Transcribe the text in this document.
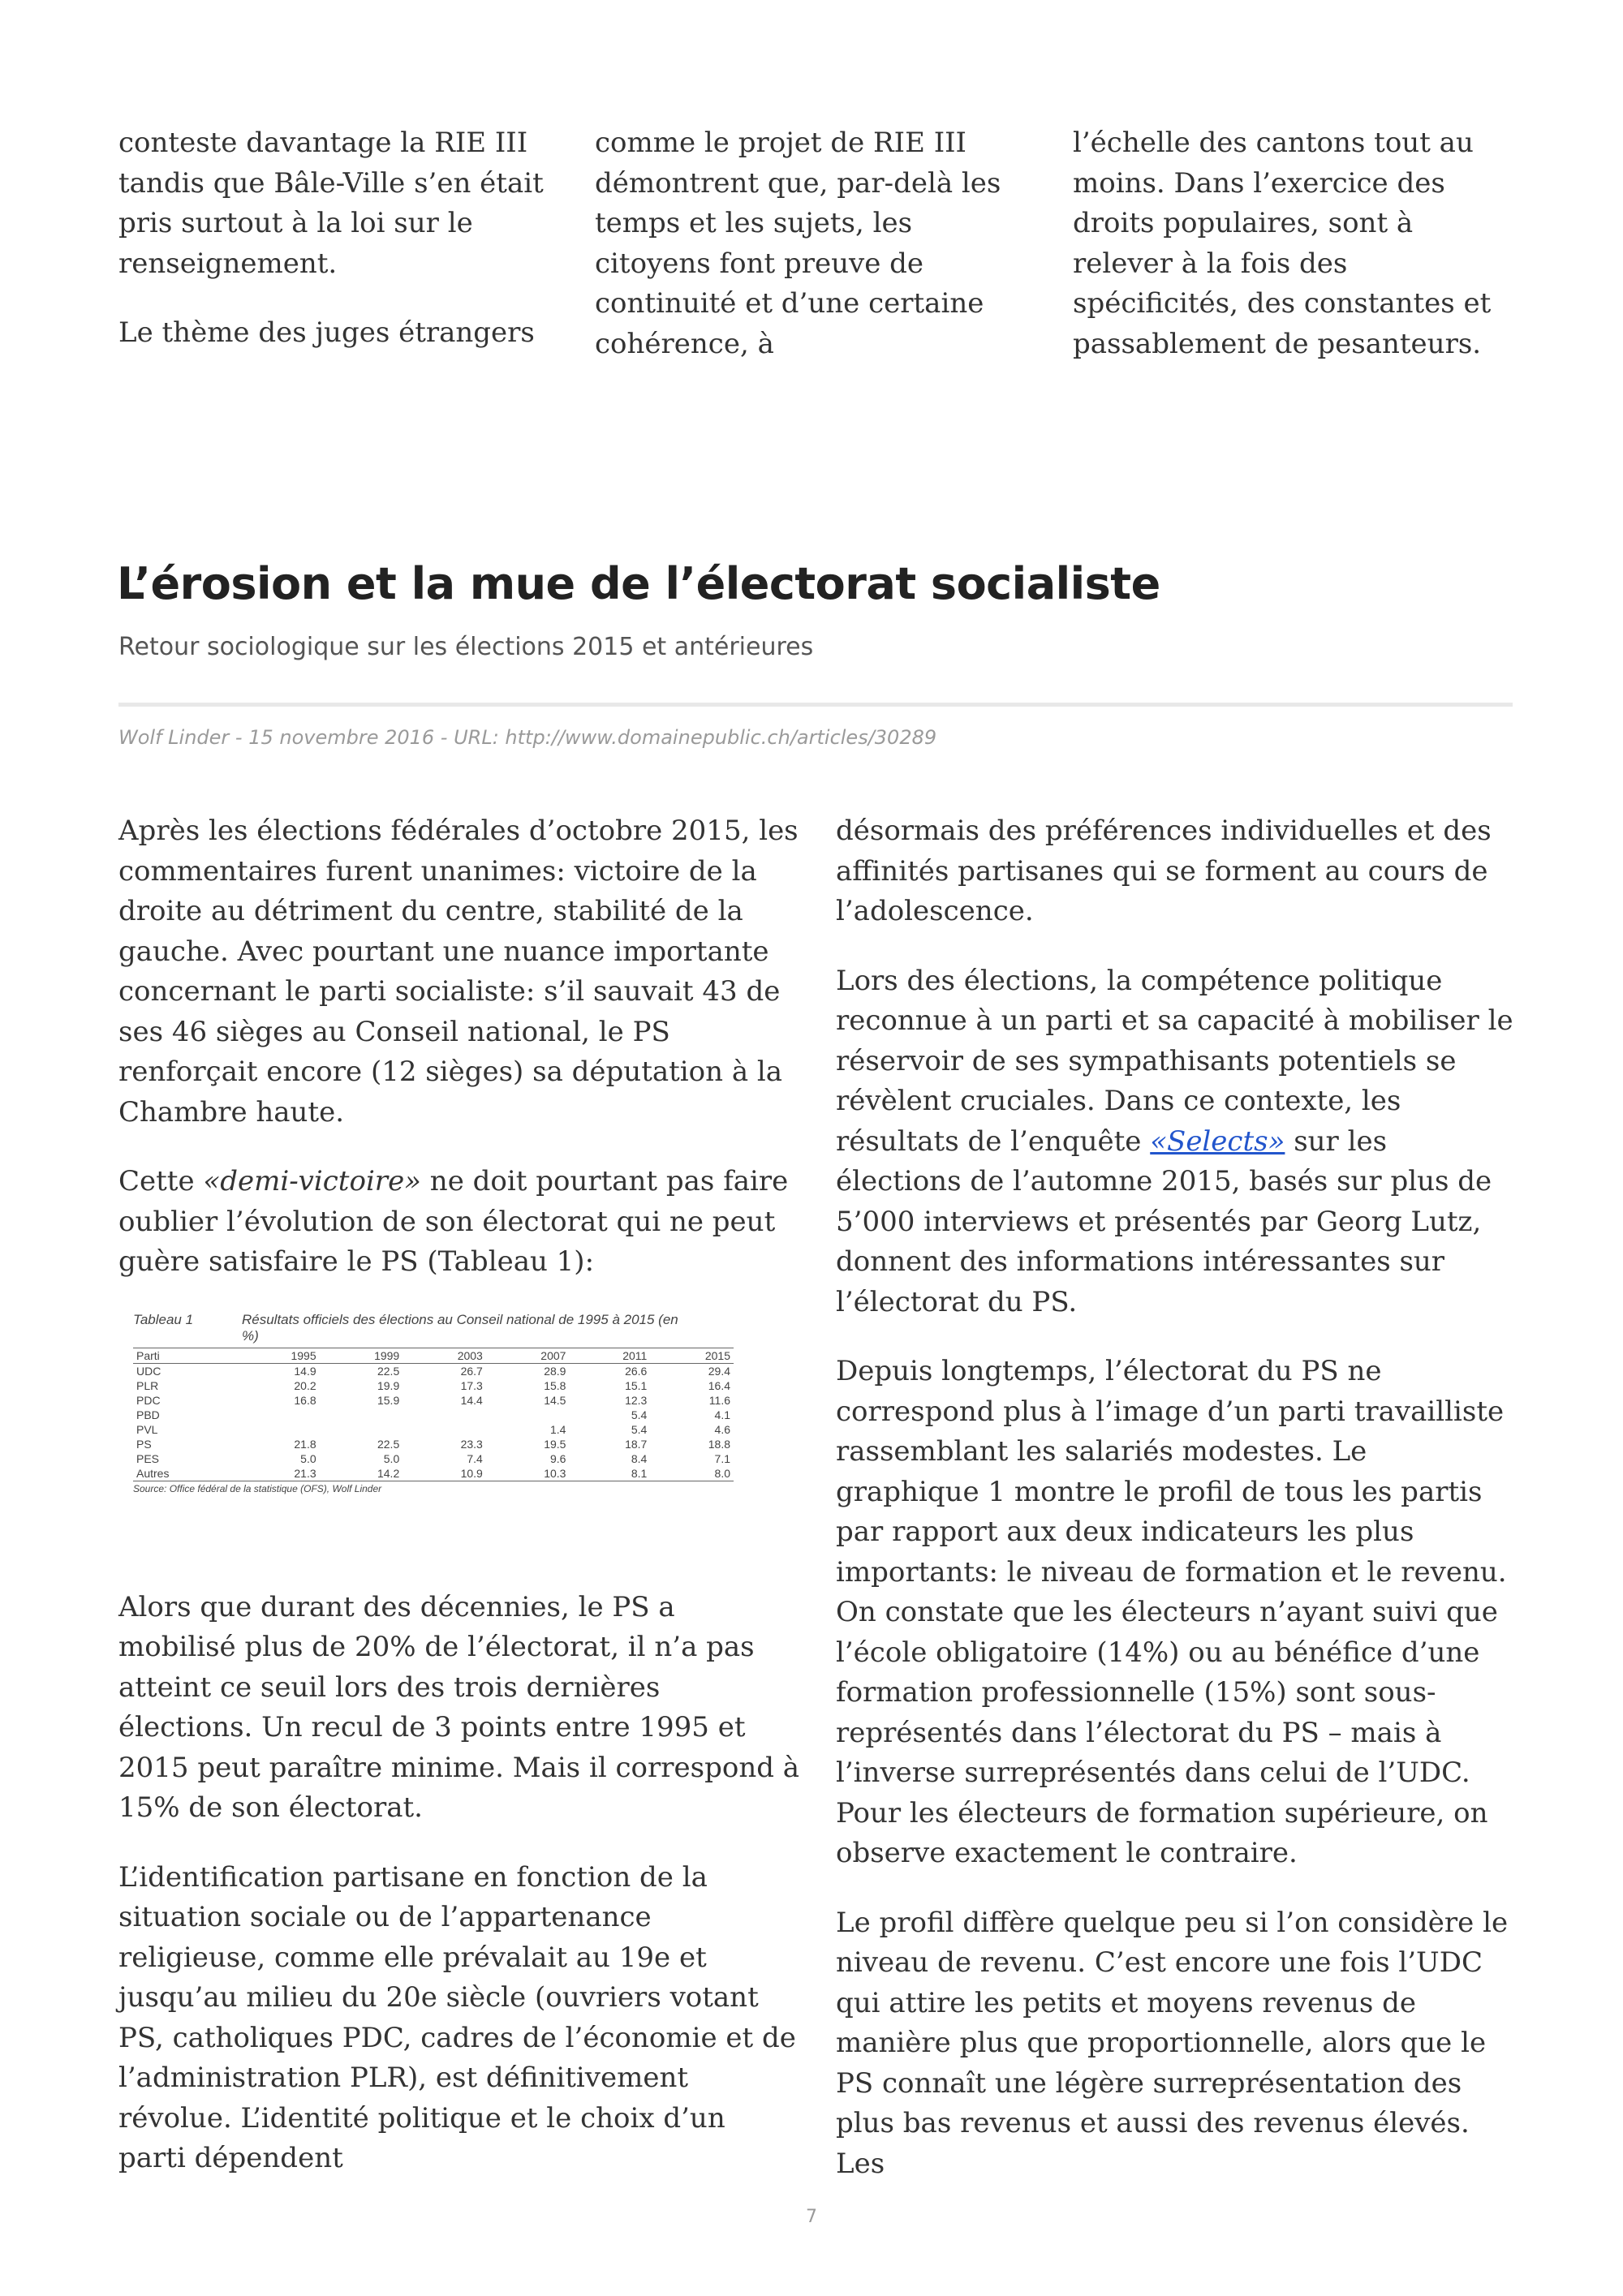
conteste davantage la RIE III tandis que Bâle-Ville s’en était pris surtout à la loi sur le renseignement.

Le thème des juges étrangers

comme le projet de RIE III démontrent que, par-delà les temps et les sujets, les citoyens font preuve de continuité et d’une certaine cohérence, à

l’échelle des cantons tout au moins. Dans l’exercice des droits populaires, sont à relever à la fois des spécificités, des constantes et passablement de pesanteurs.

L’érosion et la mue de l’électorat socialiste

Retour sociologique sur les élections 2015 et antérieures

Wolf Linder - 15 novembre 2016 - URL: http://www.domainepublic.ch/articles/30289

Après les élections fédérales d’octobre 2015, les commentaires furent unanimes: victoire de la droite au détriment du centre, stabilité de la gauche. Avec pourtant une nuance importante concernant le parti socialiste: s’il sauvait 43 de ses 46 sièges au Conseil national, le PS renforçait encore (12 sièges) sa députation à la Chambre haute.

Cette «demi-victoire» ne doit pourtant pas faire oublier l’évolution de son électorat qui ne peut guère satisfaire le PS (Tableau 1):

Tableau 1	Résultats officiels des élections au Conseil national de 1995 à 2015 (en %)
Parti	1995	1999	2003	2007	2011	2015
UDC	14.9	22.5	26.7	28.9	26.6	29.4
PLR	20.2	19.9	17.3	15.8	15.1	16.4
PDC	16.8	15.9	14.4	14.5	12.3	11.6
PBD					5.4	4.1
PVL				1.4	5.4	4.6
PS	21.8	22.5	23.3	19.5	18.7	18.8
PES	5.0	5.0	7.4	9.6	8.4	7.1
Autres	21.3	14.2	10.9	10.3	8.1	8.0
Source: Office fédéral de la statistique (OFS), Wolf Linder

Alors que durant des décennies, le PS a mobilisé plus de 20% de l’électorat, il n’a pas atteint ce seuil lors des trois dernières élections. Un recul de 3 points entre 1995 et 2015 peut paraître minime. Mais il correspond à 15% de son électorat.

L’identification partisane en fonction de la situation sociale ou de l’appartenance religieuse, comme elle prévalait au 19e et jusqu’au milieu du 20e siècle (ouvriers votant PS, catholiques PDC, cadres de l’économie et de l’administration PLR), est définitivement révolue. L’identité politique et le choix d’un parti dépendent

désormais des préférences individuelles et des affinités partisanes qui se forment au cours de l’adolescence.

Lors des élections, la compétence politique reconnue à un parti et sa capacité à mobiliser le réservoir de ses sympathisants potentiels se révèlent cruciales. Dans ce contexte, les résultats de l’enquête «Selects» sur les élections de l’automne 2015, basés sur plus de 5’000 interviews et présentés par Georg Lutz, donnent des informations intéressantes sur l’électorat du PS.

Depuis longtemps, l’électorat du PS ne correspond plus à l’image d’un parti travailliste rassemblant les salariés modestes. Le graphique 1 montre le profil de tous les partis par rapport aux deux indicateurs les plus importants: le niveau de formation et le revenu. On constate que les électeurs n’ayant suivi que l’école obligatoire (14%) ou au bénéfice d’une formation professionnelle (15%) sont sous-représentés dans l’électorat du PS – mais à l’inverse surreprésentés dans celui de l’UDC. Pour les électeurs de formation supérieure, on observe exactement le contraire.

Le profil diffère quelque peu si l’on considère le niveau de revenu. C’est encore une fois l’UDC qui attire les petits et moyens revenus de manière plus que proportionnelle, alors que le PS connaît une légère surreprésentation des plus bas revenus et aussi des revenus élevés. Les

7
